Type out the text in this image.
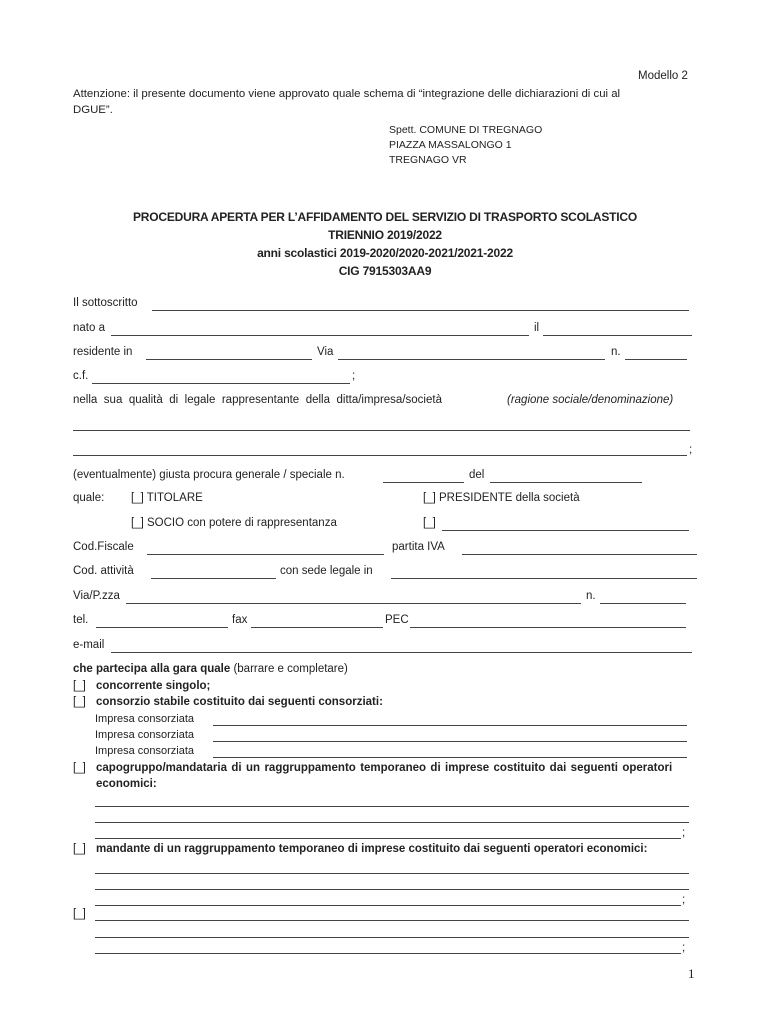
Modello 2
Attenzione: il presente documento viene approvato quale schema di “integrazione delle dichiarazioni di cui al
DGUE”.
Spett. COMUNE DI TREGNAGO
PIAZZA MASSALONGO 1
TREGNAGO VR
PROCEDURA APERTA PER L’AFFIDAMENTO DEL SERVIZIO DI TRASPORTO SCOLASTICO
TRIENNIO 2019/2022
anni scolastici 2019-2020/2020-2021/2021-2022
CIG 7915303AA9
Il sottoscritto
nato a	il
residente in	Via	n.
c.f.	;
nella sua qualità di legale rappresentante della ditta/impresa/società	(ragione sociale/denominazione)
;
(eventualmente) giusta procura generale / speciale n.	del
quale: [_] TITOLARE	[_] PRESIDENTE della società
[_] SOCIO con potere di rappresentanza	[_]
Cod.Fiscale	partita IVA
Cod. attività	con sede legale in
Via/P.zza	n.
tel.	fax	PEC
e-mail
che partecipa alla gara quale (barrare e completare)
[_] concorrente singolo;
[_] consorzio stabile costituito dai seguenti consorziati:
Impresa consorziata
Impresa consorziata
Impresa consorziata
[_] capogruppo/mandataria di un raggruppamento temporaneo di imprese costituito dai seguenti operatori
economici:
;
[_] mandante di un raggruppamento temporaneo di imprese costituito dai seguenti operatori economici:
;
[_]
;
1
